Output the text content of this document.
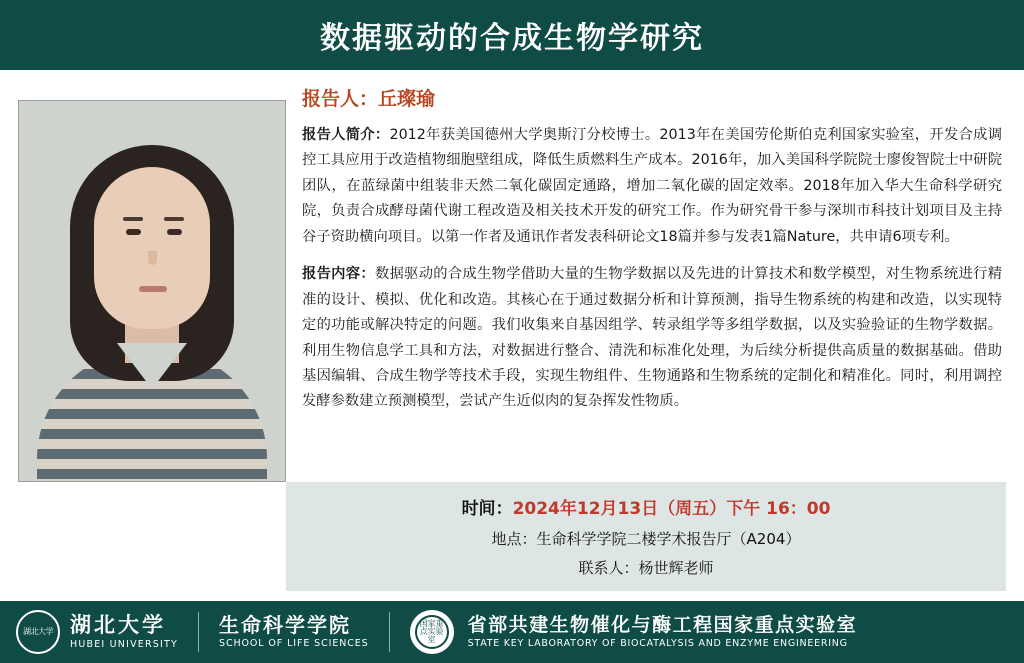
数据驱动的合成生物学研究
报告人：丘璨瑜
报告人简介：2012年获美国德州大学奥斯汀分校博士。2013年在美国劳伦斯伯克利国家实验室，开发合成调控工具应用于改造植物细胞壁组成，降低生质燃料生产成本。2016年，加入美国科学院院士廖俊智院士中研院团队，在蓝绿菌中组装非天然二氧化碳固定通路，增加二氧化碳的固定效率。2018年加入华大生命科学研究院，负责合成酵母菌代谢工程改造及相关技术开发的研究工作。作为研究骨干参与深圳市科技计划项目及主持谷子资助横向项目。以第一作者及通讯作者发表科研论文18篇并参与发表1篇Nature，共申请6项专利。
报告内容：数据驱动的合成生物学借助大量的生物学数据以及先进的计算技术和数学模型，对生物系统进行精准的设计、模拟、优化和改造。其核心在于通过数据分析和计算预测，指导生物系统的构建和改造，以实现特定的功能或解决特定的问题。我们收集来自基因组学、转录组学等多组学数据，以及实验验证的生物学数据。利用生物信息学工具和方法，对数据进行整合、清洗和标准化处理，为后续分析提供高质量的数据基础。借助基因编辑、合成生物学等技术手段，实现生物组件、生物通路和生物系统的定制化和精准化。同时，利用调控发酵参数建立预测模型，尝试产生近似肉的复杂挥发性物质。
时间：2024年12月13日（周五）下午 16：00
地点：生命科学学院二楼学术报告厅（A204）
联系人：杨世辉老师
湖北大学 湖北大学
HUBEI UNIVERSITY
生命科学学院
SCHOOL OF LIFE SCIENCES
国家重点实验室
省部共建生物催化与酶工程国家重点实验室
STATE KEY LABORATORY OF BIOCATALYSIS AND ENZYME ENGINEERING
